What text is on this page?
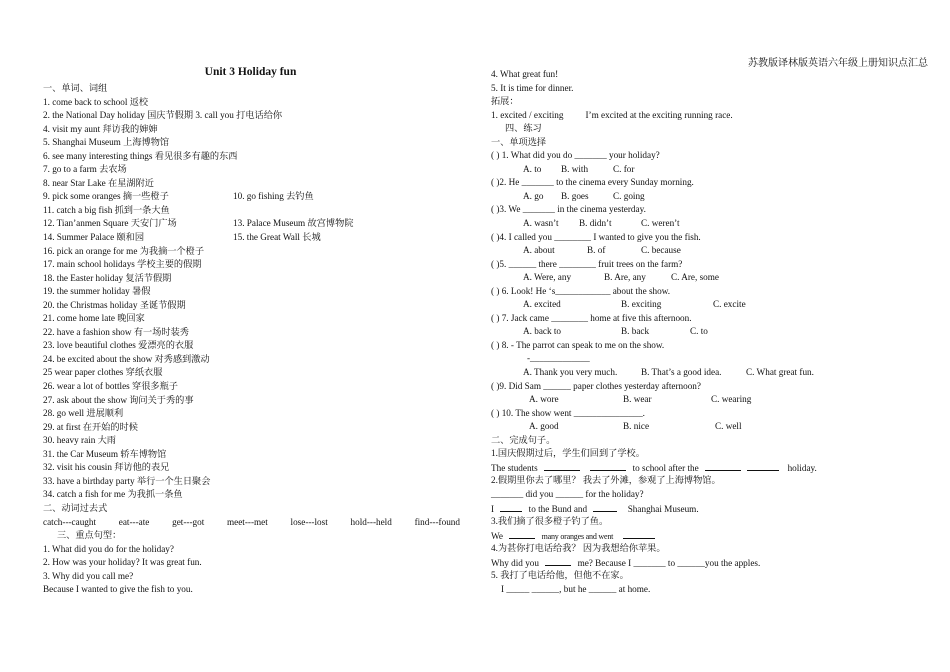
苏教版译林版英语六年级上册知识点汇总
Unit 3 Holiday fun
一、单词、词组
1. come back to school 返校
2. the National Day holiday 国庆节假期 3. call you 打电话给你
4. visit my aunt 拜访我的婶婶
5. Shanghai Museum 上海博物馆
6. see many interesting things 看见很多有趣的东西
7. go to a farm 去农场
8. near Star Lake 在星湖附近
9. pick some oranges 摘一些橙子	10. go fishing 去钓鱼
11. catch a big fish 抓到一条大鱼
12. Tian’anmen Square 天安门广场	13. Palace Museum 故宫博物院
14. Summer Palace 颐和园	15. the Great Wall 长城
16. pick an orange for me 为我摘一个橙子
17. main school holidays 学校主要的假期
18. the Easter holiday 复活节假期
19. the summer holiday 暑假
20. the Christmas holiday 圣诞节假期
21. come home late 晚回家
22. have a fashion show 有一场时装秀
23. love beautiful clothes 爱漂亮的衣服
24. be excited about the show 对秀感到激动
25 wear paper clothes 穿纸衣服
26. wear a lot of bottles 穿很多瓶子
27. ask about the show 询问关于秀的事
28. go well 进展顺利
29. at first 在开始的时候
30. heavy rain 大雨
31. the Car Museum 轿车博物馆
32. visit his cousin 拜访他的表兄
33. have a birthday party 举行一个生日聚会
34. catch a fish for me 为我抓一条鱼
二、动词过去式
catch---caught eat---ate get---got meet---met lose---lost hold---held find---found
三、重点句型：
1. What did you do for the holiday?
2. How was your holiday? It was great fun.
3. Why did you call me?
Because I wanted to give the fish to you.
4. What great fun!
5. It is time for dinner.
拓展：
1. excited / exciting I’m excited at the exciting running race.
四、练习
一、单项选择
( ) 1. What did you do _______ your holiday?
A. to B. with	C. for
( )2. He _______ to the cinema every Sunday morning.
A. go B. goes	C. going
( )3. We _______ in the cinema yesterday.
A. wasn’t B. didn’t	C. weren’t
( )4. I called you ________ I wanted to give you the fish.
A. about	B. of	C. because
( )5. ______ there ________ fruit trees on the farm?
A. Were, any	B. Are, any	C. Are, some
( ) 6. Look! He ‘s____________ about the show.
A. excited	B. exciting	C. excite
( ) 7. Jack came ________ home at five this afternoon.
A. back to	B. back	C. to
( ) 8. - The parrot can speak to me on the show.
-_____________
A. Thank you very much.	B. That’s a good idea.	C. What great fun.
( )9. Did Sam ______ paper clothes yesterday afternoon?
A. wore	B. wear	C. wearing
( ) 10. The show went _______________.
A. good	B. nice	C. well
二、完成句子。
1.国庆假期过后，学生们回到了学校。
The students	to school after the	holiday.
2.假期里你去了哪里？ 我去了外滩，参观了上海博物馆。
_______ did you ______ for the holiday?
I	to the Bund and	Shanghai Museum.
3.我们摘了很多橙子钓了鱼。
We	many oranges and went
4.为甚你打电话给我？ 因为我想给你苹果。
Why did you	me? Because I _______ to ______you the apples.
5. 我打了电话给他，但他不在家。
I _____ ______, but he ______ at home.
